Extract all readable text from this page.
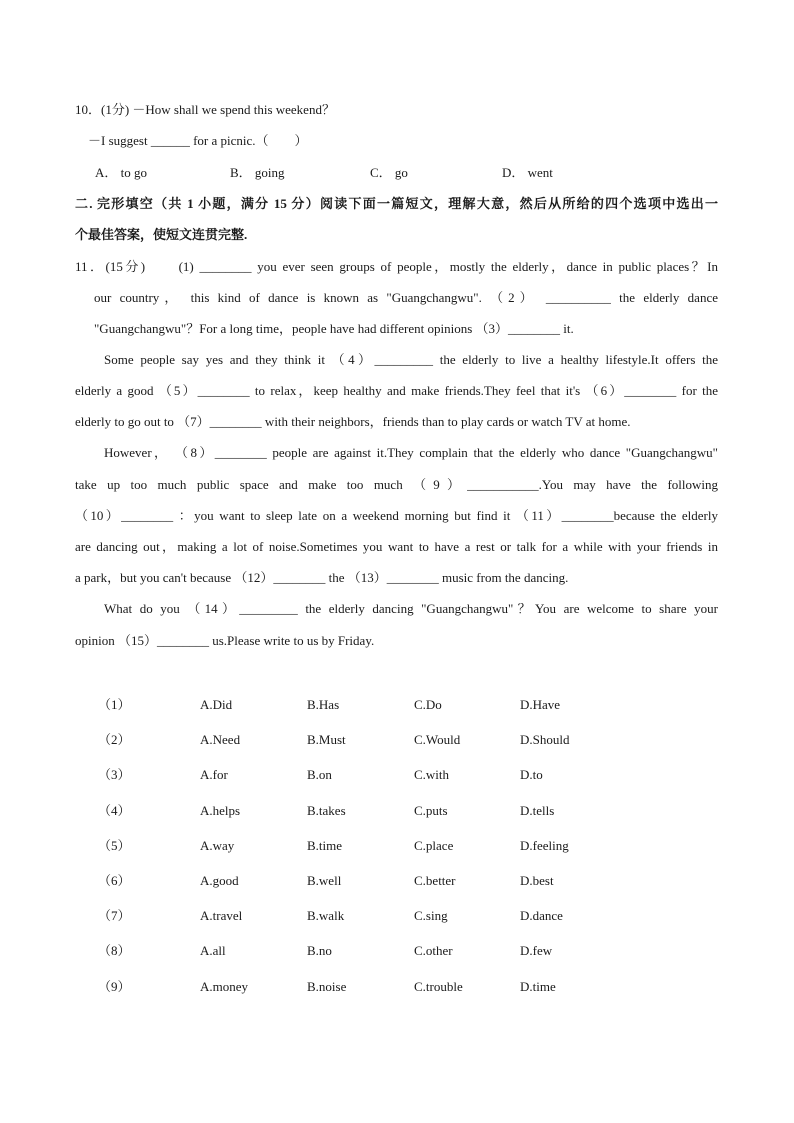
10．(1分) －How shall we spend this weekend？
－I suggest ______ for a picnic.（　　）
A． to go	B． going	C． go	D． went
二. 完形填空（共 1 小题，满分 15 分）阅读下面一篇短文，理解大意，然后从所给的四个选项中选出一
个最佳答案，使短文连贯完整.
11．(15分)　　(1) ________ you ever seen groups of people，mostly the elderly，dance in public places？In
our country， this kind of dance is known as "Guangchangwu". （2） __________ the elderly dance
"Guangchangwu"？For a long time，people have had different opinions （3）________ it.
Some people say yes and they think it （4）_________ the elderly to live a healthy lifestyle.It offers the
elderly a good （5）________ to relax，keep healthy and make friends.They feel that it's （6）________ for the
elderly to go out to （7）________ with their neighbors，friends than to play cards or watch TV at home.
However， （8）________ people are against it.They complain that the elderly who dance "Guangchangwu"
take up too much public space and make too much （9）___________.You may have the following
（10）________ ：you want to sleep late on a weekend morning but find it （11）________because the elderly
are dancing out，making a lot of noise.Sometimes you want to have a rest or talk for a while with your friends in
a park，but you can't because （12）________ the （13）________ music from the dancing.
What do you （14）_________ the elderly dancing "Guangchangwu"？You are welcome to share your
opinion （15）________ us.Please write to us by Friday.
（1）	A.Did	B.Has	C.Do	D.Have
（2）	A.Need	B.Must	C.Would	D.Should
（3）	A.for	B.on	C.with	D.to
（4）	A.helps	B.takes	C.puts	D.tells
（5）	A.way	B.time	C.place	D.feeling
（6）	A.good	B.well	C.better	D.best
（7）	A.travel	B.walk	C.sing	D.dance
（8）	A.all	B.no	C.other	D.few
（9）	A.money	B.noise	C.trouble	D.time
